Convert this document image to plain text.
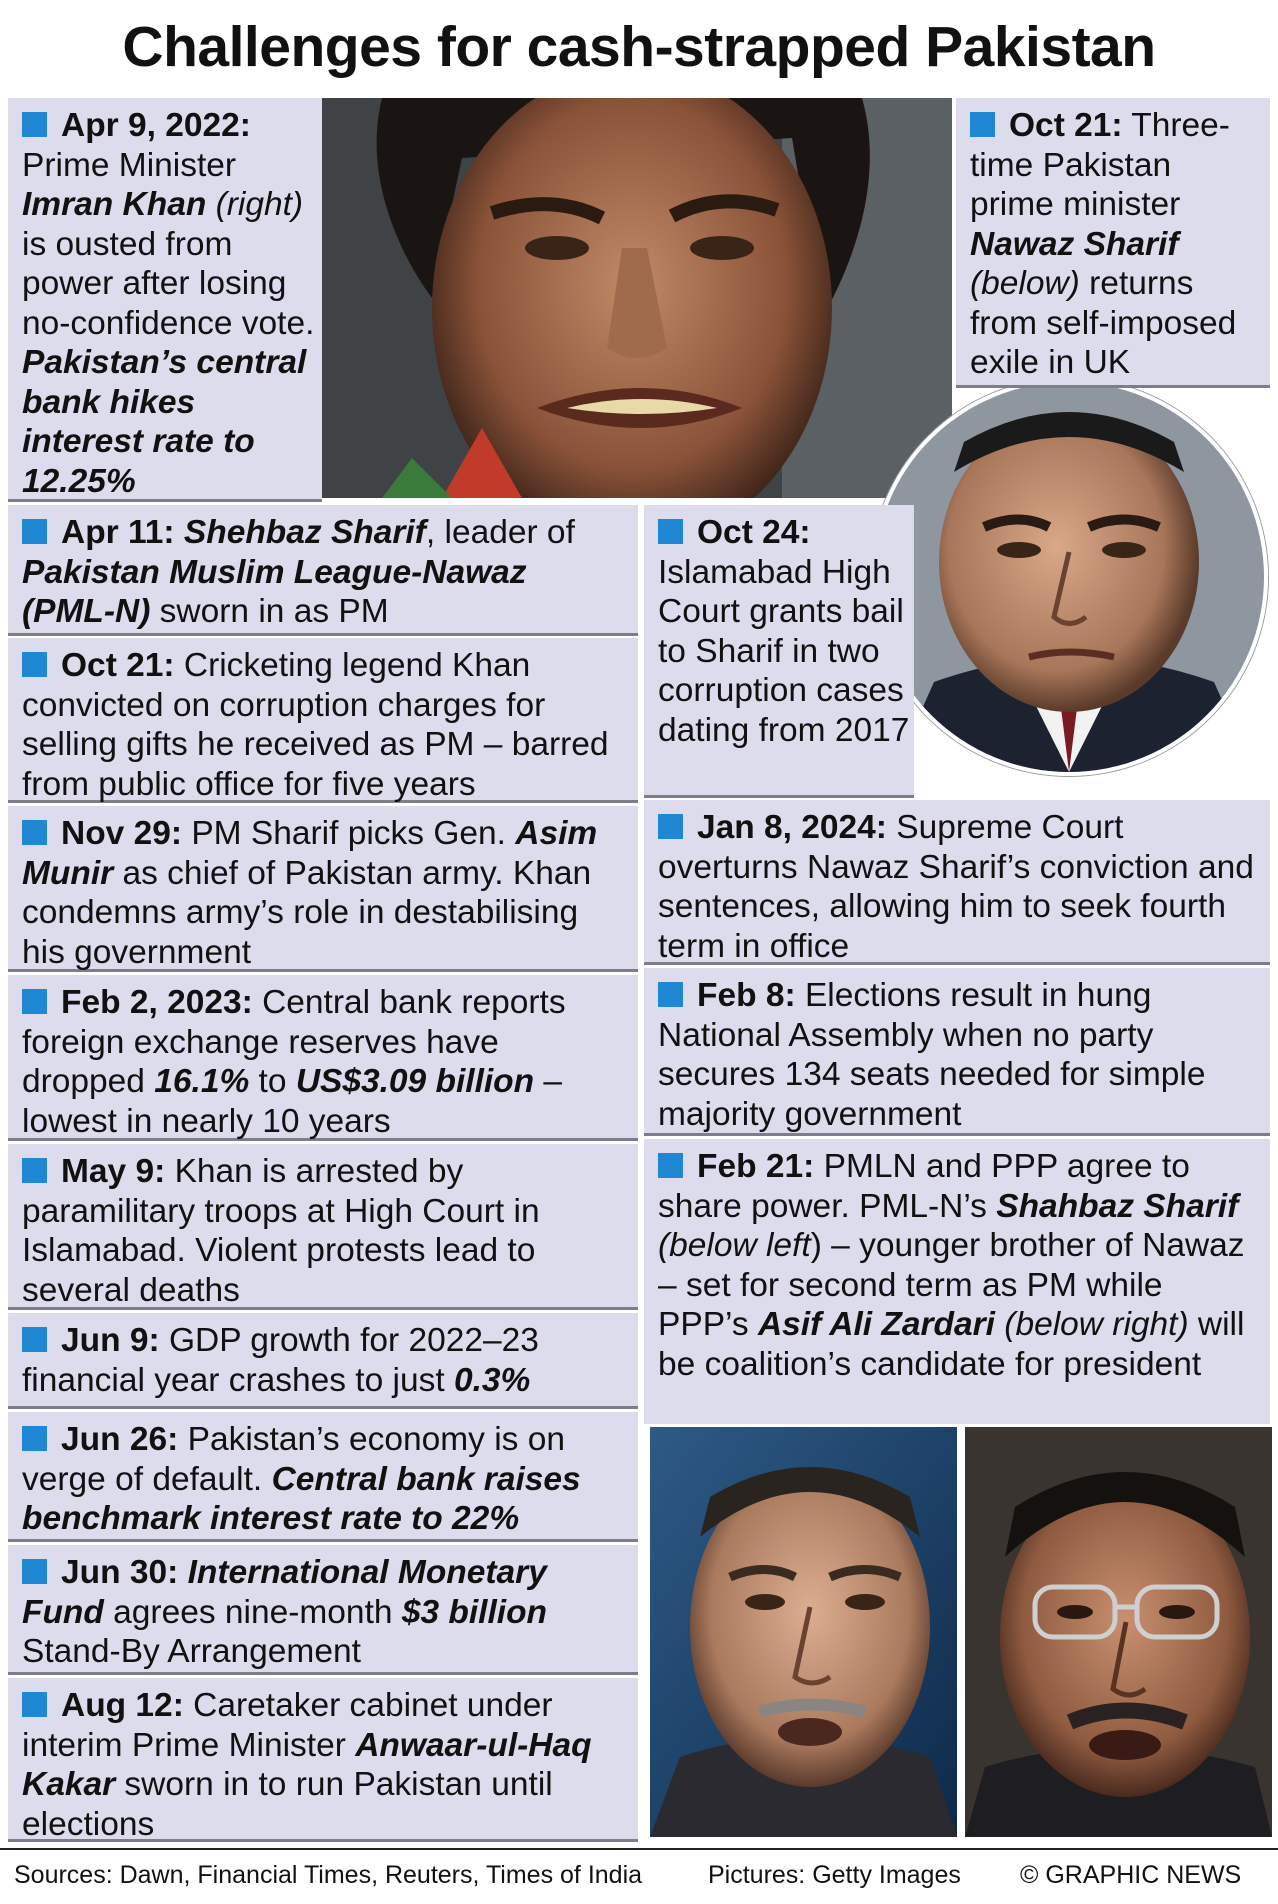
Challenges for cash-strapped Pakistan
Apr 9, 2022:
Prime Minister
Imran Khan (right) is ousted from power after losing no-confidence vote. Pakistan’s central bank hikes interest rate to 12.25%
Apr 11: Shehbaz Sharif, leader of Pakistan Muslim League-Nawaz (PML-N) sworn in as PM
Oct 21: Cricketing legend Khan convicted on corruption charges for selling gifts he received as PM – barred from public office for five years
Nov 29: PM Sharif picks Gen. Asim Munir as chief of Pakistan army. Khan condemns army’s role in destabilising his government
Feb 2, 2023: Central bank reports foreign exchange reserves have dropped 16.1% to US$3.09 billion – lowest in nearly 10 years
May 9: Khan is arrested by paramilitary troops at High Court in Islamabad. Violent protests lead to several deaths
Jun 9: GDP growth for 2022–23 financial year crashes to just 0.3%
Jun 26: Pakistan’s economy is on verge of default. Central bank raises benchmark interest rate to 22%
Jun 30: International Monetary Fund agrees nine-month $3 billion Stand-By Arrangement
Aug 12: Caretaker cabinet under interim Prime Minister Anwaar-ul-Haq Kakar sworn in to run Pakistan until elections
Oct 21: Three-time Pakistan prime minister Nawaz Sharif
(below) returns from self-imposed exile in UK
Oct 24: Islamabad High Court grants bail to Sharif in two corruption cases dating from 2017
Jan 8, 2024: Supreme Court overturns Nawaz Sharif’s conviction and sentences, allowing him to seek fourth term in office
Feb 8: Elections result in hung National Assembly when no party secures 134 seats needed for simple majority government
Feb 21: PMLN and PPP agree to share power. PML-N’s Shahbaz Sharif (below left) – younger brother of Nawaz – set for second term as PM while PPP’s Asif Ali Zardari (below right) will be coalition’s candidate for president
Sources: Dawn, Financial Times, Reuters, Times of India	Pictures: Getty Images © GRAPHIC NEWS
